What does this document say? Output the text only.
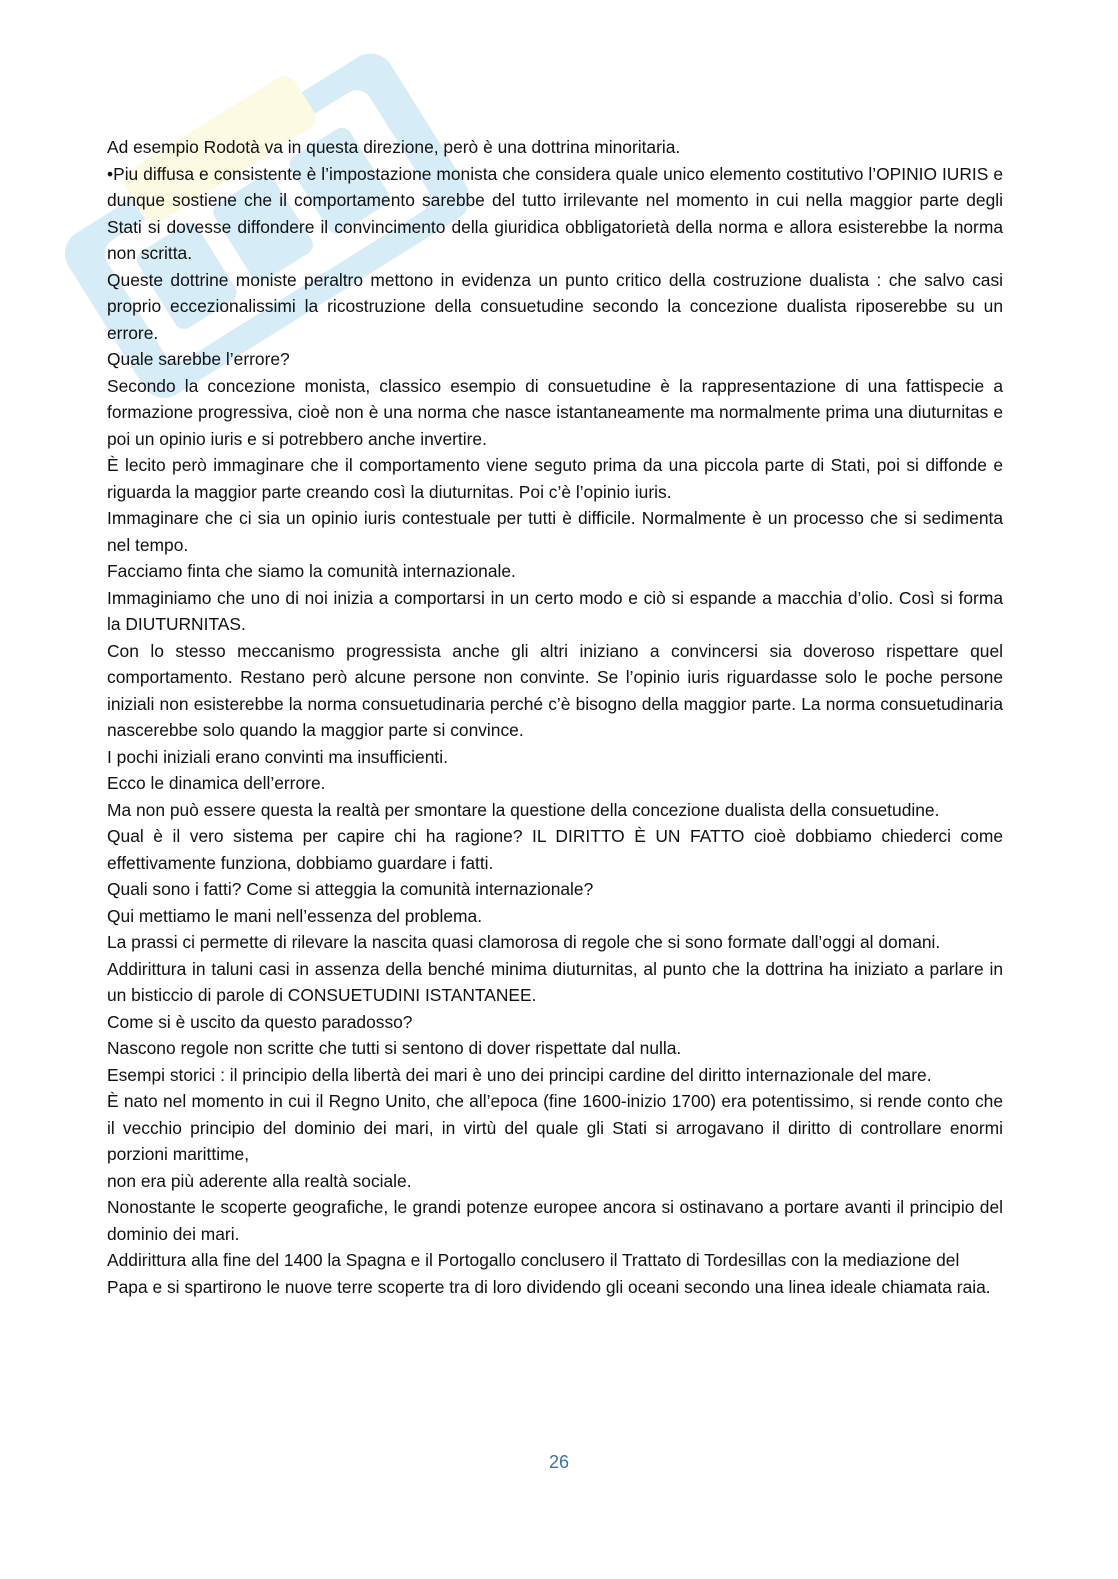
Ad esempio Rodotà va in questa direzione, però è una dottrina minoritaria.

•Piu diffusa e consistente è l’impostazione monista che considera quale unico elemento costitutivo l’OPINIO IURIS e dunque sostiene che il comportamento sarebbe del tutto irrilevante nel momento in cui nella maggior parte degli Stati si dovesse diffondere il convincimento della giuridica obbligatorietà della norma e allora esisterebbe la norma non scritta.

Queste dottrine moniste peraltro mettono in evidenza un punto critico della costruzione dualista : che salvo casi proprio eccezionalissimi la ricostruzione della consuetudine secondo la concezione dualista riposerebbe su un errore.

Quale sarebbe l’errore?

Secondo la concezione monista, classico esempio di consuetudine è la rappresentazione di una fattispecie a formazione progressiva, cioè non è una norma che nasce istantaneamente ma normalmente prima una diuturnitas e poi un opinio iuris e si potrebbero anche invertire.

È lecito però immaginare che il comportamento viene seguto prima da una piccola parte di Stati, poi si diffonde e riguarda la maggior parte creando così la diuturnitas. Poi c’è l’opinio iuris.

Immaginare che ci sia un opinio iuris contestuale per tutti è difficile. Normalmente è un processo che si sedimenta nel tempo.

Facciamo finta che siamo la comunità internazionale.

Immaginiamo che uno di noi inizia a comportarsi in un certo modo e ciò si espande a macchia d’olio. Così si forma la DIUTURNITAS.

Con lo stesso meccanismo progressista anche gli altri iniziano a convincersi sia doveroso rispettare quel comportamento. Restano però alcune persone non convinte. Se l’opinio iuris riguardasse solo le poche persone iniziali non esisterebbe la norma consuetudinaria perché c’è bisogno della maggior parte. La norma consuetudinaria nascerebbe solo quando la maggior parte si convince.

I pochi iniziali erano convinti ma insufficienti.

Ecco le dinamica dell’errore.

Ma non può essere questa la realtà per smontare la questione della concezione dualista della consuetudine.

Qual è il vero sistema per capire chi ha ragione? IL DIRITTO È UN FATTO cioè dobbiamo chiederci come effettivamente funziona, dobbiamo guardare i fatti.

Quali sono i fatti? Come si atteggia la comunità internazionale?

Qui mettiamo le mani nell’essenza del problema.

La prassi ci permette di rilevare la nascita quasi clamorosa di regole che si sono formate dall’oggi al domani.

Addirittura in taluni casi in assenza della benché minima diuturnitas, al punto che la dottrina ha iniziato a parlare in un bisticcio di parole di CONSUETUDINI ISTANTANEE.

Come si è uscito da questo paradosso?

Nascono regole non scritte che tutti si sentono di dover rispettate dal nulla.

Esempi storici : il principio della libertà dei mari è uno dei principi cardine del diritto internazionale del mare.

È nato nel momento in cui il Regno Unito, che all’epoca (fine 1600-inizio 1700) era potentissimo, si rende conto che il vecchio principio del dominio dei mari, in virtù del quale gli Stati si arrogavano il diritto di controllare enormi porzioni marittime,

non era più aderente alla realtà sociale.

Nonostante le scoperte geografiche, le grandi potenze europee ancora si ostinavano a portare avanti il principio del dominio dei mari.

Addirittura alla fine del 1400 la Spagna e il Portogallo conclusero il Trattato di Tordesillas con la mediazione del Papa e si spartirono le nuove terre scoperte tra di loro dividendo gli oceani secondo una linea ideale chiamata raia.

26
